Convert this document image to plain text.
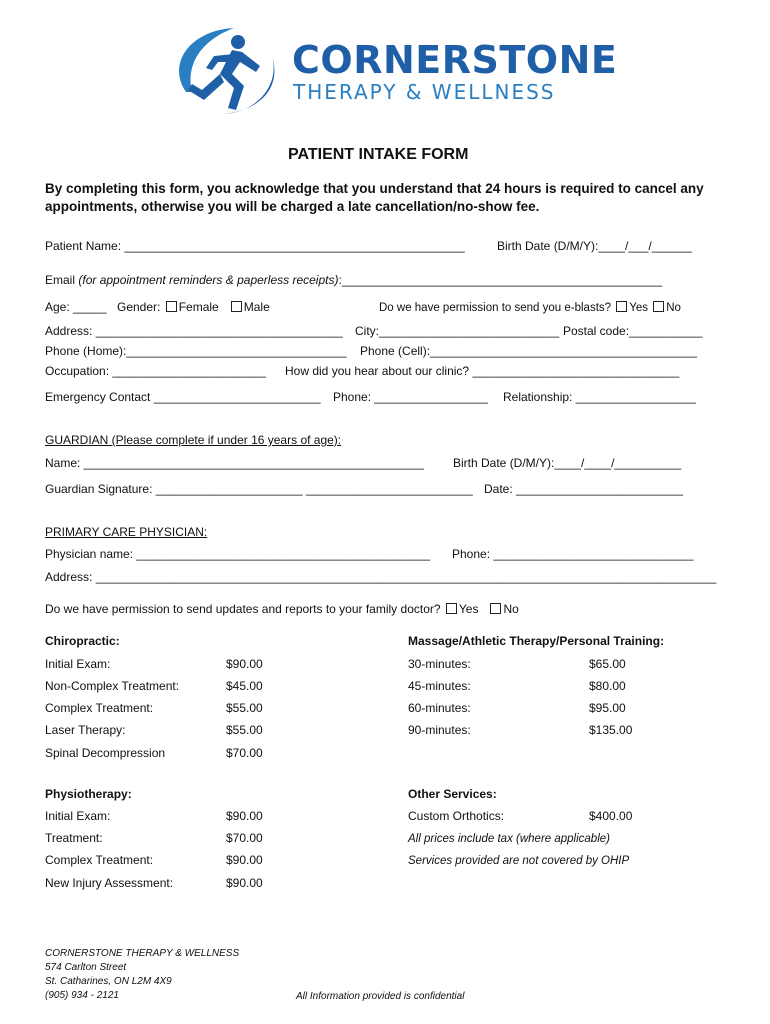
CORNERSTONE
THERAPY & WELLNESS
PATIENT INTAKE FORM
By completing this form, you acknowledge that you understand that 24 hours is required to cancel any appointments, otherwise you will be charged a late cancellation/no-show fee.
Patient Name: ___________________________________________________	Birth Date (D/M/Y):____/___/______
Email (for appointment reminders & paperless receipts):________________________________________________
Age: _____ Gender: Female Male	Do we have permission to send you e-blasts? Yes No
Address: _____________________________________ City:___________________________ Postal code:___________
Phone (Home):_________________________________ Phone (Cell):________________________________________
Occupation: _______________________ How did you hear about our clinic? _______________________________
Emergency Contact _________________________ Phone: _________________ Relationship: __________________
GUARDIAN (Please complete if under 16 years of age):
Name: ___________________________________________________ Birth Date (D/M/Y):____/____/__________
Guardian Signature: ______________________ _________________________ Date: _________________________
PRIMARY CARE PHYSICIAN:
Physician name: ____________________________________________ Phone: ______________________________
Address: _____________________________________________________________________________________________
Do we have permission to send updates and reports to your family doctor? Yes No
Chiropractic:
Initial Exam:	$90.00
Non-Complex Treatment:	$45.00
Complex Treatment:	$55.00
Laser Therapy:	$55.00
Spinal Decompression	$70.00
Massage/Athletic Therapy/Personal Training:
30-minutes:	$65.00
45-minutes:	$80.00
60-minutes:	$95.00
90-minutes:	$135.00
Physiotherapy:
Initial Exam:	$90.00
Treatment:	$70.00
Complex Treatment:	$90.00
New Injury Assessment:	$90.00
Other Services:
Custom Orthotics:	$400.00
All prices include tax (where applicable)
Services provided are not covered by OHIP
CORNERSTONE THERAPY & WELLNESS
574 Carlton Street
St. Catharines, ON L2M 4X9
(905) 934 - 2121	All Information provided is confidential
